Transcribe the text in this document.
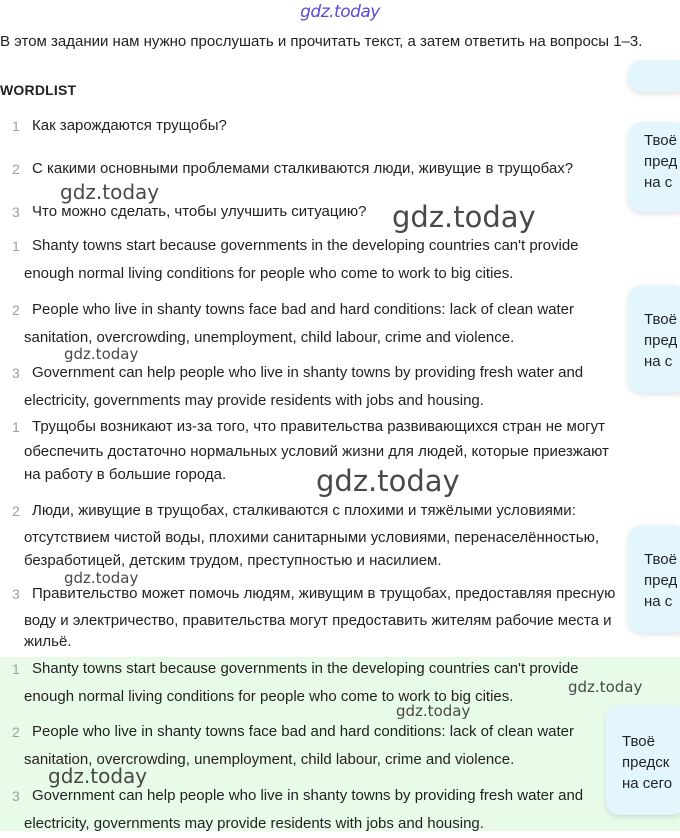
gdz.today
В этом задании нам нужно прослушать и прочитать текст, а затем ответить на вопросы 1–3.
WORDLIST
1 Как зарождаются трущобы?
2 С какими основными проблемами сталкиваются люди, живущие в трущобах?
3 Что можно сделать, чтобы улучшить ситуацию?
1 Shanty towns start because governments in the developing countries can't provide
enough normal living conditions for people who come to work to big cities.
2 People who live in shanty towns face bad and hard conditions: lack of clean water
sanitation, overcrowding, unemployment, child labour, crime and violence.
3 Government can help people who live in shanty towns by providing fresh water and
electricity, governments may provide residents with jobs and housing.
1 Трущобы возникают из-за того, что правительства развивающихся стран не могут
обеспечить достаточно нормальных условий жизни для людей, которые приезжают
на работу в большие города.
2 Люди, живущие в трущобах, сталкиваются с плохими и тяжёлыми условиями:
отсутствием чистой воды, плохими санитарными условиями, перенаселённостью,
безработицей, детским трудом, преступностью и насилием.
3 Правительство может помочь людям, живущим в трущобах, предоставляя пресную
воду и электричество, правительства могут предоставить жителям рабочие места и
жильё.
1 Shanty towns start because governments in the developing countries can't provide
enough normal living conditions for people who come to work to big cities.
2 People who live in shanty towns face bad and hard conditions: lack of clean water
sanitation, overcrowding, unemployment, child labour, crime and violence.
3 Government can help people who live in shanty towns by providing fresh water and
electricity, governments may provide residents with jobs and housing.
Твоё
пред
на с
Твоё
пред
на с
Твоё
пред
на с
Твоё
предск
на сего
gdz.today
gdz.today
gdz.today
gdz.today
gdz.today
gdz.today
gdz.today
gdz.today
